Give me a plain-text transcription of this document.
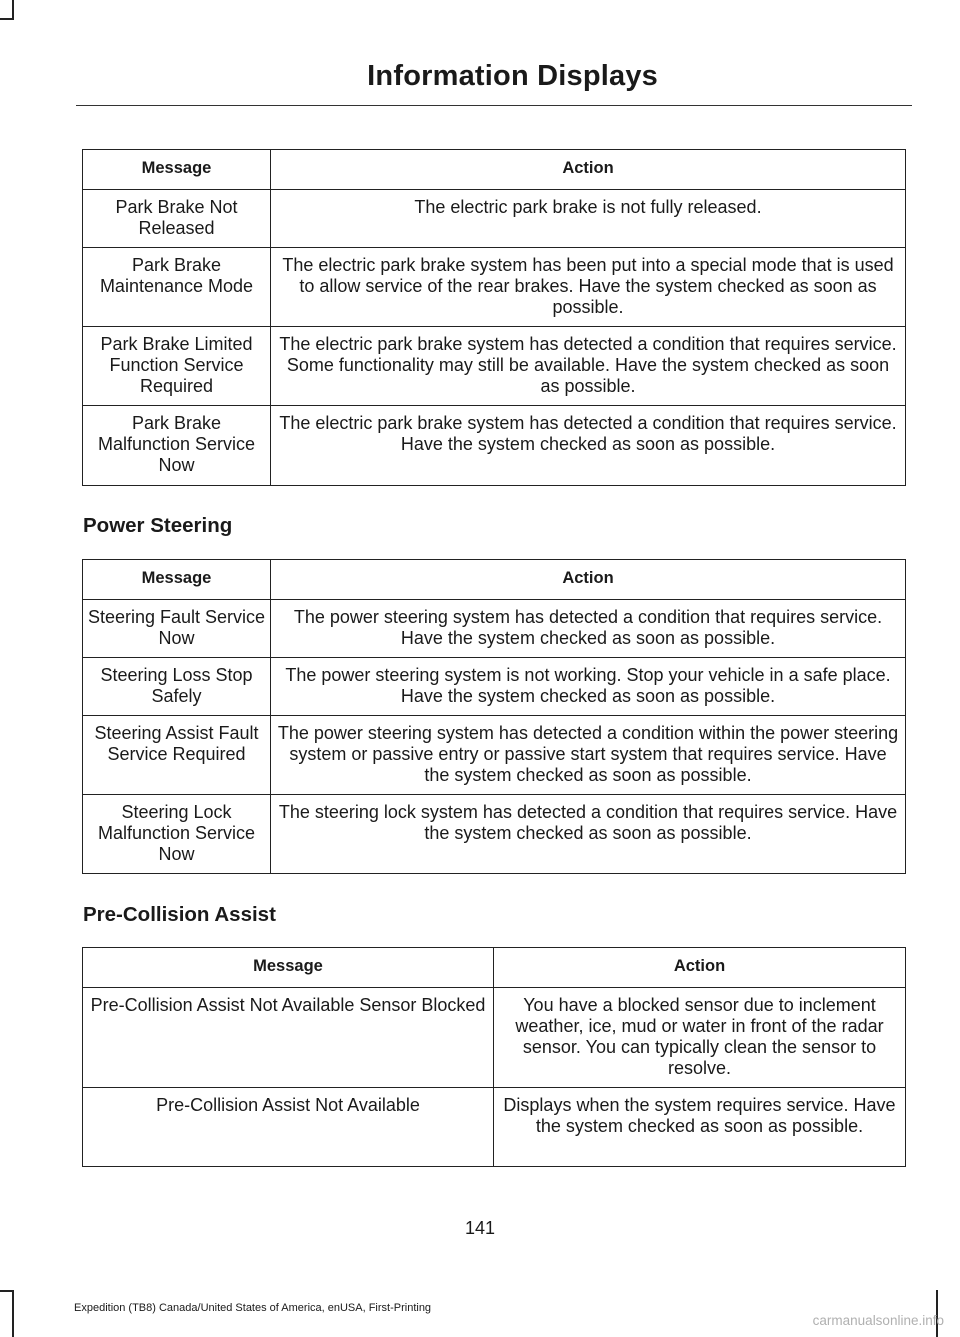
Information Displays
Message	Action
Park Brake Not Released	The electric park brake is not fully released.
Park Brake Maintenance Mode	The electric park brake system has been put into a special mode that is used to allow service of the rear brakes. Have the system checked as soon as possible.
Park Brake Limited Function Service Required	The electric park brake system has detected a condition that requires service. Some functionality may still be available. Have the system checked as soon as possible.
Park Brake Malfunction Service Now	The electric park brake system has detected a condition that requires service. Have the system checked as soon as possible.
Power Steering
Message	Action
Steering Fault Service Now	The power steering system has detected a condition that requires service. Have the system checked as soon as possible.
Steering Loss Stop Safely	The power steering system is not working. Stop your vehicle in a safe place. Have the system checked as soon as possible.
Steering Assist Fault Service Required	The power steering system has detected a condition within the power steering system or passive entry or passive start system that requires service. Have the system checked as soon as possible.
Steering Lock Malfunction Service Now	The steering lock system has detected a condition that requires service. Have the system checked as soon as possible.
Pre-Collision Assist
Message	Action
Pre-Collision Assist Not Available Sensor Blocked	You have a blocked sensor due to inclement weather, ice, mud or water in front of the radar sensor. You can typically clean the sensor to resolve.
Pre-Collision Assist Not Available	Displays when the system requires service. Have the system checked as soon as possible.
141
Expedition (TB8) Canada/United States of America, enUSA, First-Printing
carmanualsonline.info
